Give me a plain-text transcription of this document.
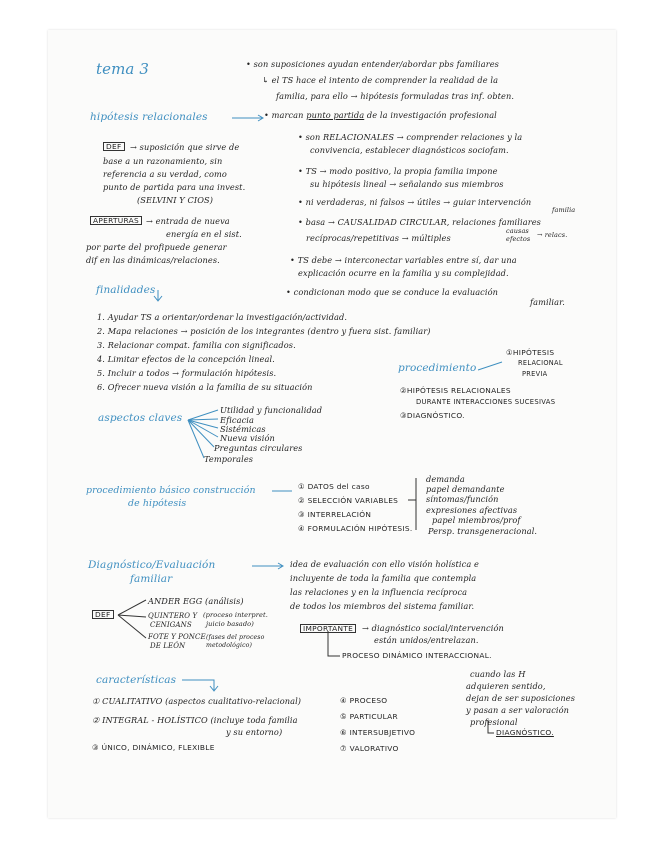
tema 3	• son suposiciones ayudan entender/abordar pbs familiares
↳ el TS hace el intento de comprender la realidad de la
familia, para ello → hipótesis formuladas tras inf. obten.
hipótesis relacionales	• marcan punto partida de la investigación profesional
DEF	→ suposición que sirve de
base a un razonamiento, sin
referencia a su verdad, como
punto de partida para una invest.
(SELVINI Y CIOS)
APERTURAS → entrada de nueva
energía en el sist.
por parte del profipuede generar
dif en las dinámicas/relaciones.
• son RELACIONALES → comprender relaciones y la
convivencia, establecer diagnósticos sociofam.
• TS → modo positivo, la propia familia impone
su hipótesis lineal → señalando sus miembros
• ni verdaderas, ni falsos → útiles → guiar intervención
familia
• basa → CAUSALIDAD CIRCULAR, relaciones familiares
recíprocas/repetitivas → múltiples
causas
efectos → relacs.
• TS debe → interconectar variables entre sí, dar una
explicación ocurre en la familia y su complejidad.
• condicionan modo que se conduce la evaluación
familiar.
finalidades
1. Ayudar TS a orientar/ordenar la investigación/actividad.
2. Mapa relaciones → posición de los integrantes (dentro y fuera sist. familiar)
3. Relacionar compat. familia con significados.
4. Limitar efectos de la concepción lineal.
5. Incluir a todos → formulación hipótesis.
6. Ofrecer nueva visión a la familia de su situación
procedimiento
①HIPÓTESIS
RELACIONAL
PREVIA
②HIPÓTESIS RELACIONALES
DURANTE INTERACCIONES SUCESIVAS
③DIAGNÓSTICO.
aspectos claves
Utilidad y funcionalidad
Eficacia
Sistémicas
Nueva visión
Preguntas circulares
Temporales
procedimiento básico construcción
de hipótesis
① DATOS del caso
② SELECCIÓN VARIABLES
③ INTERRELACIÓN
④ FORMULACIÓN HIPÓTESIS.
demanda
papel demandante
síntomas/función
expresiones afectivas
papel miembros/prof
Persp. transgeneracional.
Diagnóstico/Evaluación
familiar
idea de evaluación con ello visión holística e
incluyente de toda la familia que contempla
las relaciones y en la influencia recíproca
de todos los miembros del sistema familiar.
DEF
ANDER EGG (análisis)
QUINTERO Y
CENIGANS
(proceso interpret.
juicio basado)
FOTE Y PONCE
DE LEÓN
(fases del proceso
metodológico)
IMPORTANTE	→ diagnóstico social/intervención
están unidos/entrelazan.
PROCESO DINÁMICO INTERACCIONAL.
características
① CUALITATIVO (aspectos cualitativo-relacional)
② INTEGRAL - HOLÍSTICO (incluye toda familia
y su entorno)
③ ÚNICO, DINÁMICO, FLEXIBLE
④ PROCESO
⑤ PARTICULAR
⑥ INTERSUBJETIVO
⑦ VALORATIVO
cuando las H
adquieren sentido,
dejan de ser suposiciones
y pasan a ser valoración
profesional
DIAGNÓSTICO.
